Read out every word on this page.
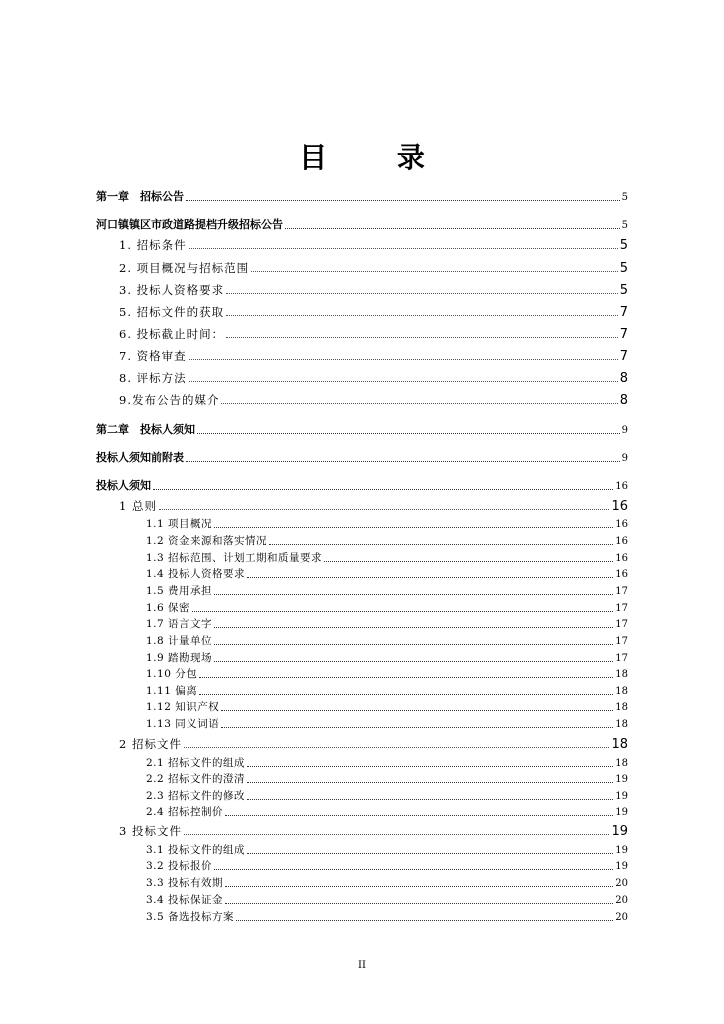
目 录
第一章　招标公告	5
河口镇镇区市政道路提档升级招标公告	5
1. 招标条件	5
2. 项目概况与招标范围	5
3. 投标人资格要求	5
5. 招标文件的获取	7
6. 投标截止时间：	7
7. 资格审查	7
8. 评标方法	8
9.发布公告的媒介	8
第二章　投标人须知	9
投标人须知前附表	9
投标人须知	16
1 总则	16
1.1 项目概况	16
1.2 资金来源和落实情况	16
1.3 招标范围、计划工期和质量要求	16
1.4 投标人资格要求	16
1.5 费用承担	17
1.6 保密	17
1.7 语言文字	17
1.8 计量单位	17
1.9 踏勘现场	17
1.10 分包	18
1.11 偏离	18
1.12 知识产权	18
1.13 同义词语	18
2 招标文件	18
2.1 招标文件的组成	18
2.2 招标文件的澄清	19
2.3 招标文件的修改	19
2.4 招标控制价	19
3 投标文件	19
3.1 投标文件的组成	19
3.2 投标报价	19
3.3 投标有效期	20
3.4 投标保证金	20
3.5 备选投标方案	20
II
